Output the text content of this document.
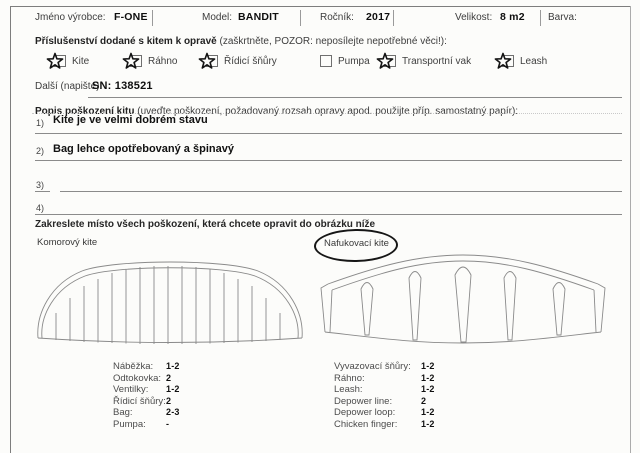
Jméno výrobce: F-ONE	Model: BANDIT	Ročník: 2017	Velikost: 8 m2 Barva:
Příslušenství dodané s kitem k opravě (zaškrtněte, POZOR: neposílejte nepotřebné věci!):
Kite	Ráhno	Řídicí šňůry	Pumpa	Transportní vak	Leash
Další (napište):
SN: 138521
Popis poškození kitu (uveďte poškození, požadovaný rozsah opravy apod. použijte příp. samostatný papír):
1) Kite je ve velmi dobrém stavu
2) Bag lehce opotřebovaný a špinavý
3)
4)
Zakreslete místo všech poškození, která chcete opravit do obrázku níže
Komorový kite	Nafukovací kite
Náběžka:	1-2
Odtokovka: 2
Ventilky:	1-2
Řídicí šňůry: 2
Bag:	2-3
Pumpa:	-
Vyvazovací šňůry:	1-2
Ráhno:	1-2
Leash:	1-2
Depower line:	2
Depower loop:	1-2
Chicken finger:	1-2
